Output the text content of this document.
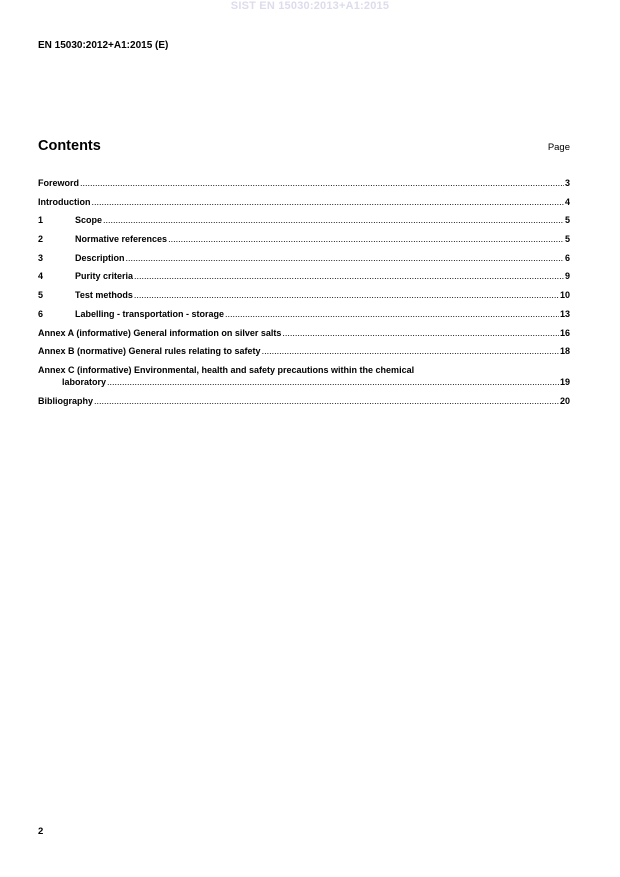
SIST EN 15030:2013+A1:2015
EN 15030:2012+A1:2015 (E)
Contents	Page
Foreword .....	3
Introduction .....	4
1	Scope .....	5
2	Normative references .....	5
3	Description .....	6
4	Purity criteria .....	9
5	Test methods .....	10
6	Labelling - transportation - storage .....	13
Annex A (informative) General information on silver salts .....	16
Annex B (normative) General rules relating to safety .....	18
Annex C (informative) Environmental, health and safety precautions within the chemical
laboratory .....	19
Bibliography .....	20
2
